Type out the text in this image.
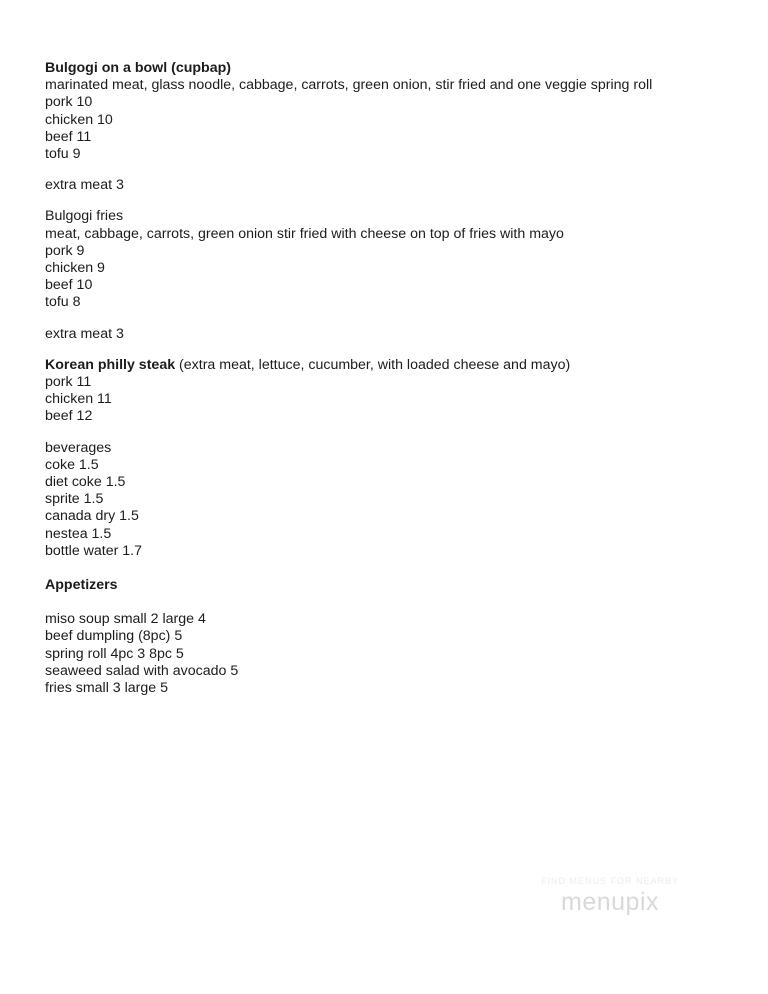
Bulgogi on a bowl (cupbap)

marinated meat, glass noodle, cabbage, carrots, green onion, stir fried and one veggie spring roll

pork 10

chicken 10

beef 11

tofu 9

extra meat 3

Bulgogi fries

meat, cabbage, carrots, green onion stir fried with cheese on top of fries with mayo

pork 9

chicken 9

beef 10

tofu 8

extra meat 3

Korean philly steak (extra meat, lettuce, cucumber, with loaded cheese and mayo)

pork 11

chicken 11

beef 12

beverages

coke 1.5

diet coke 1.5

sprite 1.5

canada dry 1.5

nestea 1.5

bottle water 1.7

Appetizers

miso soup small 2 large 4

beef dumpling (8pc) 5

spring roll 4pc 3 8pc 5

seaweed salad with avocado 5

fries small 3 large 5

FIND MENUS FOR NEARBY
menupix
